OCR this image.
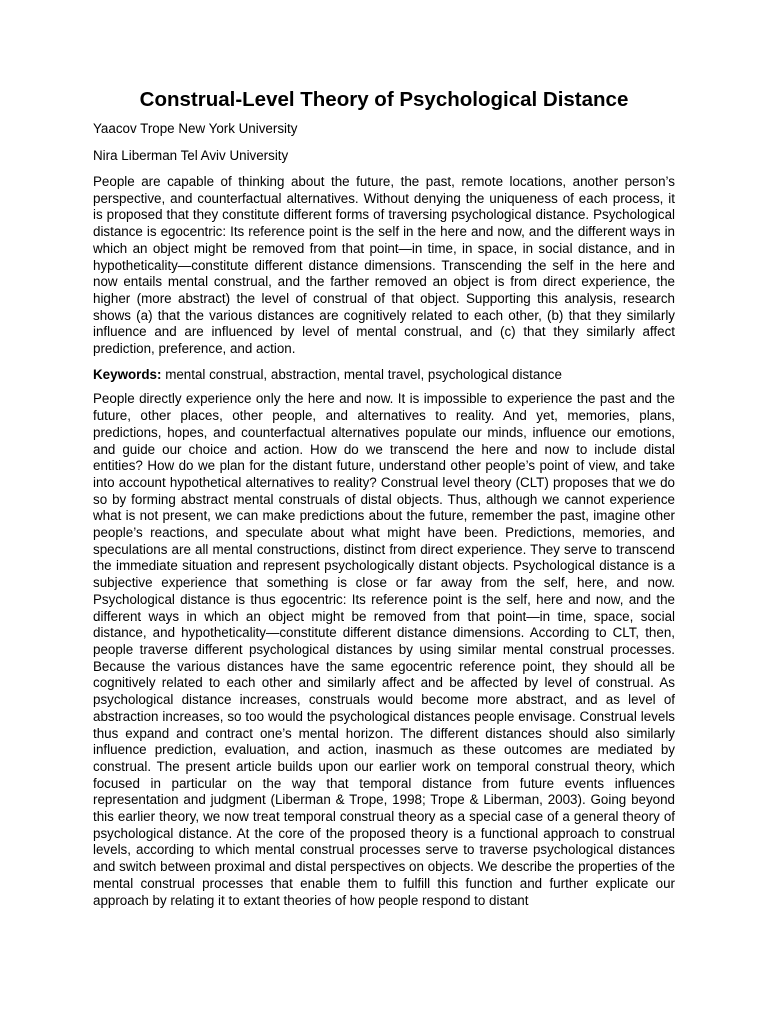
Construal-Level Theory of Psychological Distance

Yaacov Trope New York University

Nira Liberman Tel Aviv University

People are capable of thinking about the future, the past, remote locations, another person’s perspective, and counterfactual alternatives. Without denying the uniqueness of each process, it is proposed that they constitute different forms of traversing psychological distance. Psychological distance is egocentric: Its reference point is the self in the here and now, and the different ways in which an object might be removed from that point—in time, in space, in social distance, and in hypotheticality—constitute different distance dimensions. Transcending the self in the here and now entails mental construal, and the farther removed an object is from direct experience, the higher (more abstract) the level of construal of that object. Supporting this analysis, research shows (a) that the various distances are cognitively related to each other, (b) that they similarly influence and are influenced by level of mental construal, and (c) that they similarly affect prediction, preference, and action.

Keywords: mental construal, abstraction, mental travel, psychological distance

People directly experience only the here and now. It is impossible to experience the past and the future, other places, other people, and alternatives to reality. And yet, memories, plans, predictions, hopes, and counterfactual alternatives populate our minds, influence our emotions, and guide our choice and action. How do we transcend the here and now to include distal entities? How do we plan for the distant future, understand other people’s point of view, and take into account hypothetical alternatives to reality? Construal level theory (CLT) proposes that we do so by forming abstract mental construals of distal objects. Thus, although we cannot experience what is not present, we can make predictions about the future, remember the past, imagine other people’s reactions, and speculate about what might have been. Predictions, memories, and speculations are all mental constructions, distinct from direct experience. They serve to transcend the immediate situation and represent psychologically distant objects. Psychological distance is a subjective experience that something is close or far away from the self, here, and now. Psychological distance is thus egocentric: Its reference point is the self, here and now, and the different ways in which an object might be removed from that point—in time, space, social distance, and hypotheticality—constitute different distance dimensions. According to CLT, then, people traverse different psychological distances by using similar mental construal processes. Because the various distances have the same egocentric reference point, they should all be cognitively related to each other and similarly affect and be affected by level of construal. As psychological distance increases, construals would become more abstract, and as level of abstraction increases, so too would the psychological distances people envisage. Construal levels thus expand and contract one’s mental horizon. The different distances should also similarly influence prediction, evaluation, and action, inasmuch as these outcomes are mediated by construal. The present article builds upon our earlier work on temporal construal theory, which focused in particular on the way that temporal distance from future events influences representation and judgment (Liberman & Trope, 1998; Trope & Liberman, 2003). Going beyond this earlier theory, we now treat temporal construal theory as a special case of a general theory of psychological distance. At the core of the proposed theory is a functional approach to construal levels, according to which mental construal processes serve to traverse psychological distances and switch between proximal and distal perspectives on objects. We describe the properties of the mental construal processes that enable them to fulfill this function and further explicate our approach by relating it to extant theories of how people respond to distant
